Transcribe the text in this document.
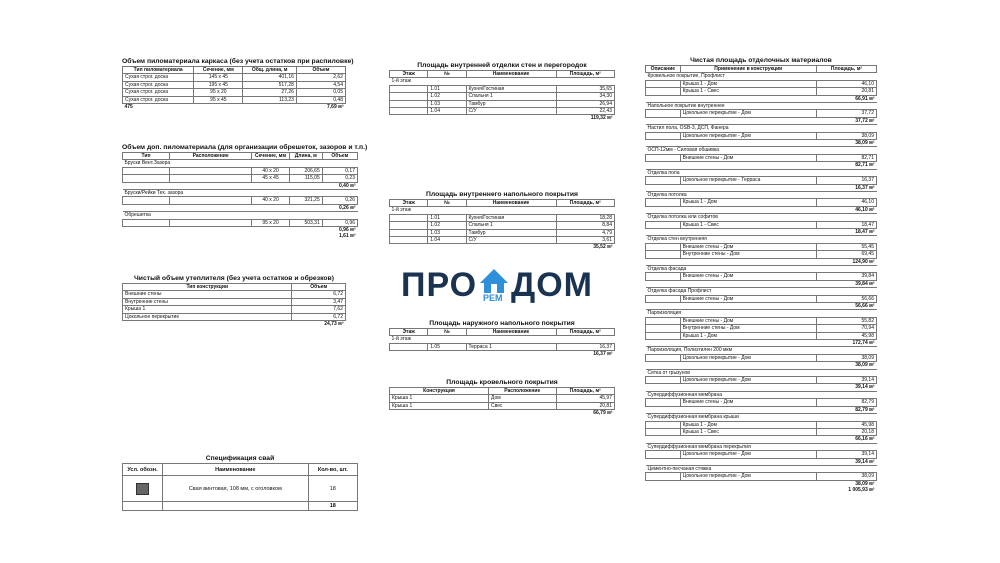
Объем пиломатериала каркаса (без учета остатков при распиловке)
Тип пиломатериала	Сечение, мм	Общ. длина, м	Объем
Сухая строг. доска	145 х 45	401,16	2,62
Сухая строг. доска	195 х 45	517,28	4,54
Сухая строг. доска	95 х 20	27,26	0,05
Сухая строг. доска	95 х 45	113,23	0,48
475			7,69 м³
Объем доп. пиломатериала (для организации обрешеток, зазоров и т.п.)
Тип	Расположение	Сечение, мм	Длина, м	Объем
Бруски Вент.Зазора				
		40 х 20	206,65	0,17
		45 х 45	115,05	0,23
				0,40 м³
Бруски/Рейки Тех. зазора				
		40 х 20	321,25	0,26
				0,26 м³
Обрешетка				
		95 х 20	503,31	0,96
				0,96 м³
				1,61 м³
Чистый объем утеплителя (без учета остатков и обрезков)
Тип конструкции	Объем
Внешние стены	6,72
Внутренние стены	3,47
Крыша 1	7,62
Цокольное перекрытие	6,72
	24,73 м³
Спецификация свай
Усл. обозн.	Наименование	Кол-во, шт.
	Свая винтовая, 108 мм, с оголовком	18
		18
Площадь внутренней отделки стен и перегородок
Этаж	№	Наименование	Площадь, м²
1-й этаж			
	1.01	Кухня/Гостиная	35,65
	1.02	Спальня 1	34,30
	1.03	Тамбур	26,94
	1.04	С/У	22,43
			119,32 м²
Площадь внутреннего напольного покрытия
Этаж	№	Наименование	Площадь, м²
1-й этаж			
	1.01	Кухня/Гостиная	18,28
	1.02	Спальня 1	8,84
	1.03	Тамбур	4,79
	1.04	С/У	3,61
			35,52 м²
ПРО РЕМ ДОМ
Площадь наружного напольного покрытия
Этаж	№	Наименование	Площадь, м²
1-й этаж			
	1.05	Терраса 1	16,37
			16,37 м²
Площадь кровельного покрытия
Конструкция	Расположение	Площадь, м²
Крыша 1	Дом	45,97
Крыша 1	Свес	20,81
		66,79 м²
Чистая площадь отделочных материалов
Описание	Применение в конструкции	Площадь, м²
Кровельное покрытие, Профлист		
	Крыша 1 - Дом	46,10
	Крыша 1 - Свес	20,81
		66,91 м²
Напольное покрытие внутреннее		
	Цокольное перекрытие - Дом	37,72
		37,72 м²
Настил пола, OSB-3, ДСП, Фанера		
	Цокольное перекрытие - Дом	38,09
		38,09 м²
ОСП-12мм - Силовая обшивка		
	Внешние стены - Дом	82,71
		82,71 м²
Отделка пола		
	Цокольное перекрытие - Терраса	16,37
		16,37 м²
Отделка потолка		
	Крыша 1 - Дом	46,10
		46,10 м²
Отделка потолка или софитов		
	Крыша 1 - Свес	18,47
		18,47 м²
Отделка стен внутренняя		
	Внешние стены - Дом	55,45
	Внутренние стены - Дом	69,45
		124,90 м²
Отделка фасада		
	Внешние стены - Дом	39,84
		39,84 м²
Отделка фасада Профлист		
	Внешние стены - Дом	56,66
		56,66 м²
Пароизоляция		
	Внешние стены - Дом	55,82
	Внутренние стены - Дом	70,94
	Крыша 1 - Дом	45,98
		172,74 м²
Пароизоляция, Полиэтилен 200 мкм		
	Цокольное перекрытие - Дом	38,09
		38,09 м²
Сетка от грызунов		
	Цокольное перекрытие - Дом	39,14
		39,14 м²
Супердиффузионная мембрана		
	Внешние стены - Дом	82,79
		82,79 м²
Супердиффузионная мембрана крыши		
	Крыша 1 - Дом	45,98
	Крыша 1 - Свес	20,18
		66,16 м²
Супердиффузионная мембрана перекрытия		
	Цокольное перекрытие - Дом	39,14
		39,14 м²
Цементно-песчаная стяжка		
	Цокольное перекрытие - Дом	38,09
		38,09 м²
		1 005,93 м²
